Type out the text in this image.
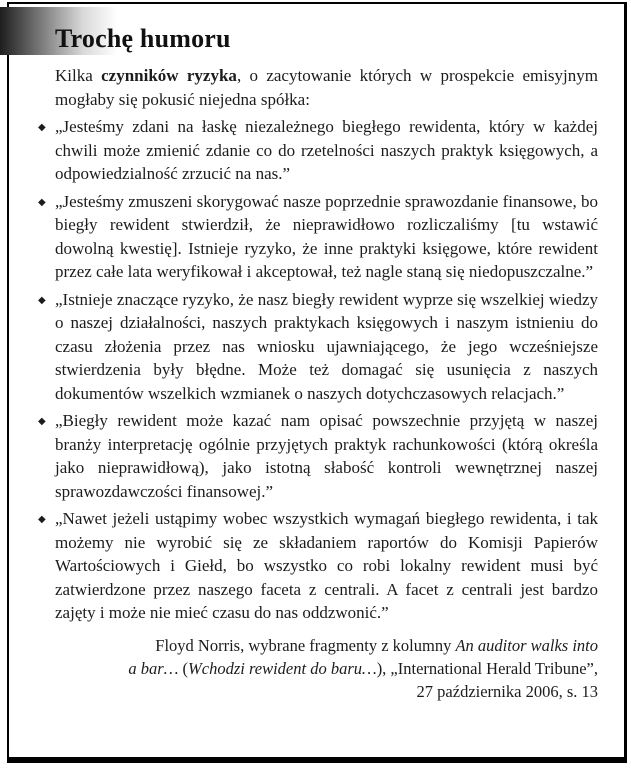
Trochę humoru

Kilka czynników ryzyka, o zacytowanie których w prospekcie emisyjnym mogłaby się pokusić niejedna spółka:

◆ „Jesteśmy zdani na łaskę niezależnego biegłego rewidenta, który w każdej chwili może zmienić zdanie co do rzetelności naszych praktyk księgowych, a odpowiedzialność zrzucić na nas.”
◆ „Jesteśmy zmuszeni skorygować nasze poprzednie sprawozdanie finansowe, bo biegły rewident stwierdził, że nieprawidłowo rozliczaliśmy [tu wstawić dowolną kwestię]. Istnieje ryzyko, że inne praktyki księgowe, które rewident przez całe lata weryfikował i akceptował, też nagle staną się niedopuszczalne.”
◆ „Istnieje znaczące ryzyko, że nasz biegły rewident wyprze się wszelkiej wiedzy o naszej działalności, naszych praktykach księgowych i naszym istnieniu do czasu złożenia przez nas wniosku ujawniającego, że jego wcześniejsze stwierdzenia były błędne. Może też domagać się usunięcia z naszych dokumentów wszelkich wzmianek o naszych dotychczasowych relacjach.”
◆ „Biegły rewident może kazać nam opisać powszechnie przyjętą w naszej branży interpretację ogólnie przyjętych praktyk rachunkowości (którą określa jako nieprawidłową), jako istotną słabość kontroli wewnętrznej naszej sprawozdawczości finansowej.”
◆ „Nawet jeżeli ustąpimy wobec wszystkich wymagań biegłego rewidenta, i tak możemy nie wyrobić się ze składaniem raportów do Komisji Papierów Wartościowych i Giełd, bo wszystko co robi lokalny rewident musi być zatwierdzone przez naszego faceta z centrali. A facet z centrali jest bardzo zajęty i może nie mieć czasu do nas oddzwonić.”
Floyd Norris, wybrane fragmenty z kolumny An auditor walks into
a bar… (Wchodzi rewident do baru…), „International Herald Tribune”,
27 października 2006, s. 13
